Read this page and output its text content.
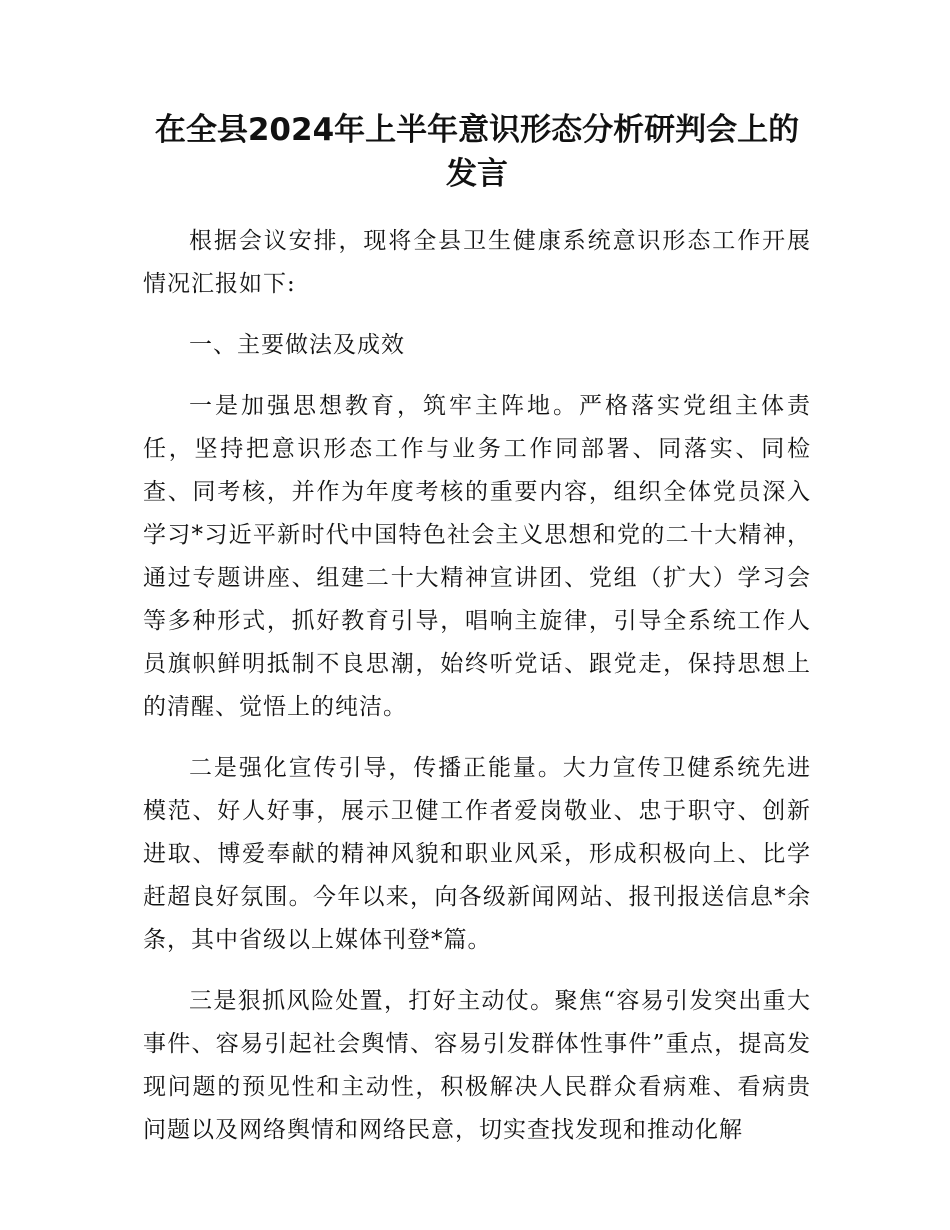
在全县2024年上半年意识形态分析研判会上的发言

根据会议安排，现将全县卫生健康系统意识形态工作开展情况汇报如下:

一、主要做法及成效

一是加强思想教育，筑牢主阵地。严格落实党组主体责任，坚持把意识形态工作与业务工作同部署、同落实、同检查、同考核，并作为年度考核的重要内容，组织全体党员深入学习*习近平新时代中国特色社会主义思想和党的二十大精神，通过专题讲座、组建二十大精神宣讲团、党组（扩大）学习会等多种形式，抓好教育引导，唱响主旋律，引导全系统工作人员旗帜鲜明抵制不良思潮，始终听党话、跟党走，保持思想上的清醒、觉悟上的纯洁。

二是强化宣传引导，传播正能量。大力宣传卫健系统先进模范、好人好事，展示卫健工作者爱岗敬业、忠于职守、创新进取、博爱奉献的精神风貌和职业风采，形成积极向上、比学赶超良好氛围。今年以来，向各级新闻网站、报刊报送信息*余条，其中省级以上媒体刊登*篇。

三是狠抓风险处置，打好主动仗。聚焦“容易引发突出重大事件、容易引起社会舆情、容易引发群体性事件”重点，提高发现问题的预见性和主动性，积极解决人民群众看病难、看病贵问题以及网络舆情和网络民意，切实查找发现和推动化解
